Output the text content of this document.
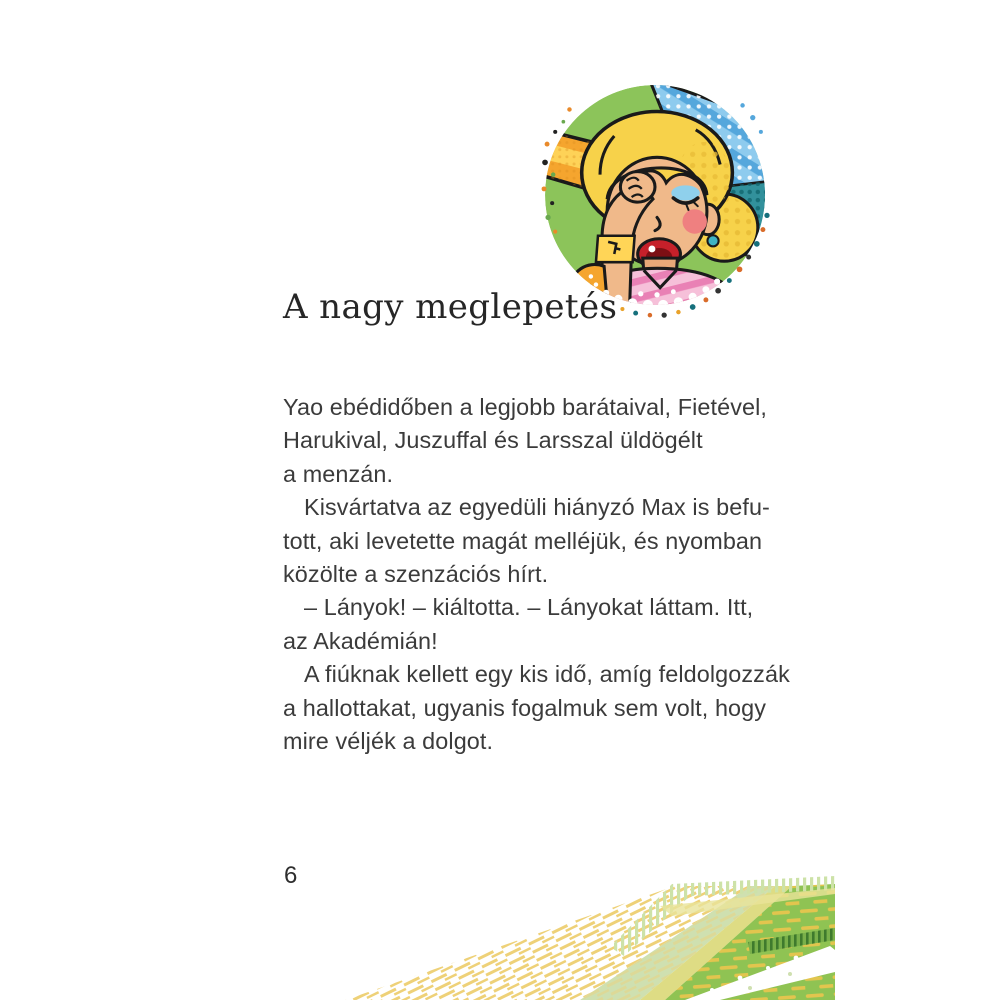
A nagy meglepetés
Yao ebédidőben a legjobb barátaival, Fietével,
Harukival, Juszuffal és Larsszal üldögélt
a menzán.
Kisvártatva az egyedüli hiányzó Max is befu-
tott, aki levetette magát melléjük, és nyomban
közölte a szenzációs hírt.
– Lányok! – kiáltotta. – Lányokat láttam. Itt,
az Akadémián!
A fiúknak kellett egy kis idő, amíg feldolgozzák
a hallottakat, ugyanis fogalmuk sem volt, hogy
mire véljék a dolgot.
6
